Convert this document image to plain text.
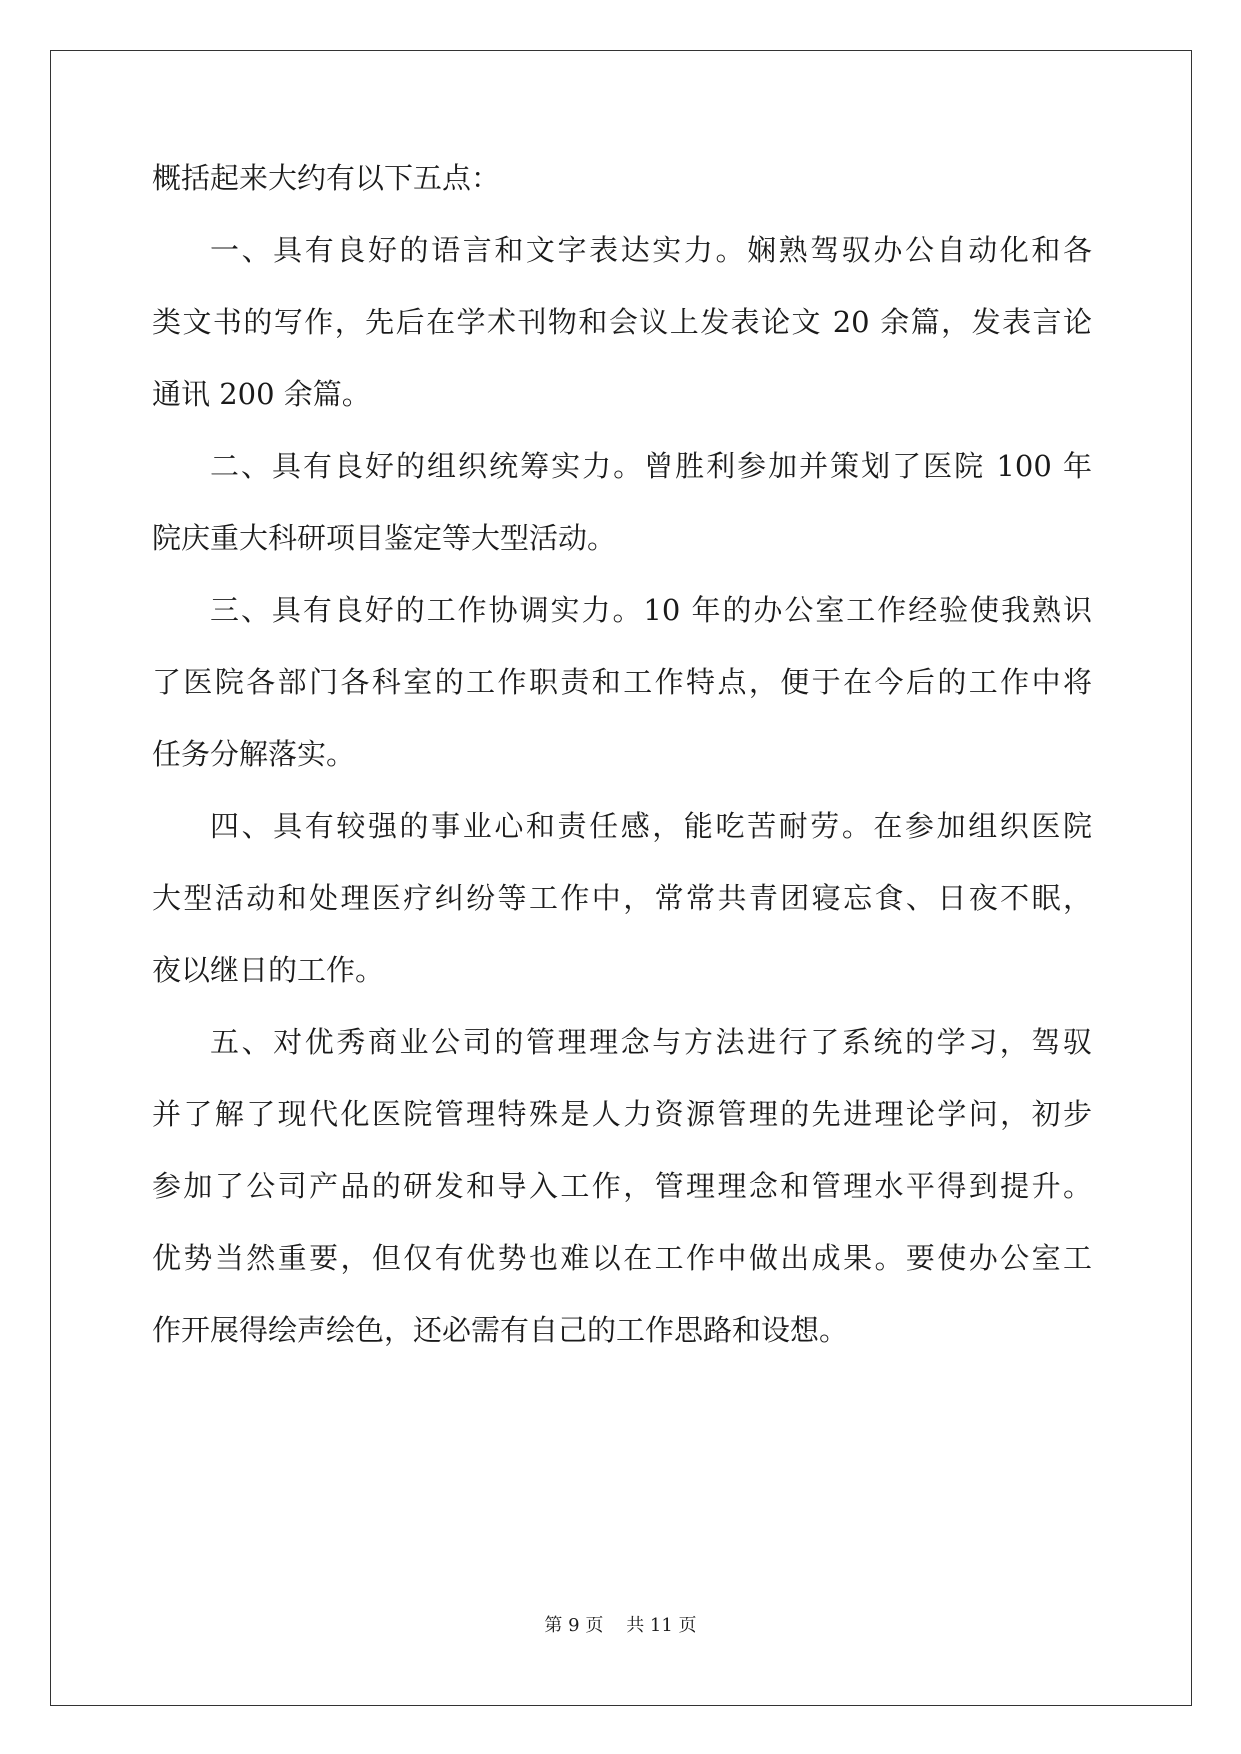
概括起来大约有以下五点：
一、具有良好的语言和文字表达实力。娴熟驾驭办公自动化和各
类文书的写作，先后在学术刊物和会议上发表论文 20 余篇，发表言论
通讯 200 余篇。
二、具有良好的组织统筹实力。曾胜利参加并策划了医院 100 年
院庆重大科研项目鉴定等大型活动。
三、具有良好的工作协调实力。10 年的办公室工作经验使我熟识
了医院各部门各科室的工作职责和工作特点，便于在今后的工作中将
任务分解落实。
四、具有较强的事业心和责任感，能吃苦耐劳。在参加组织医院
大型活动和处理医疗纠纷等工作中，常常共青团寝忘食、日夜不眠，
夜以继日的工作。
五、对优秀商业公司的管理理念与方法进行了系统的学习，驾驭
并了解了现代化医院管理特殊是人力资源管理的先进理论学问，初步
参加了公司产品的研发和导入工作，管理理念和管理水平得到提升。
优势当然重要，但仅有优势也难以在工作中做出成果。要使办公室工
作开展得绘声绘色，还必需有自己的工作思路和设想。
第 9 页    共 11 页
